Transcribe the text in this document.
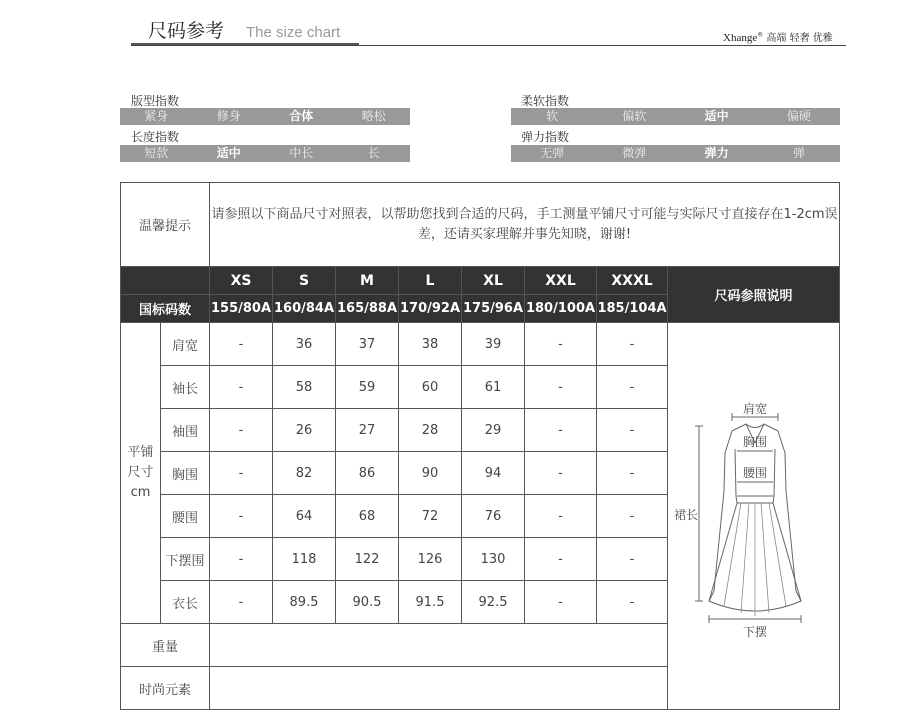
尺码参考 The size chart	Xhange® 高端 轻奢 优雅
版型指数
紧身	修身	合体	略松
长度指数
短款	适中	中长	长
柔软指数
软	偏软	适中	偏硬
弹力指数
无弹	微弹	弹力	弹
温馨提示		请参照以下商品尺寸对照表，以帮助您找到合适的尺码，手工测量平铺尺寸可能与实际尺寸直接存在1-2cm误差，还请买家理解并事先知晓，谢谢!							
		XS	S	M	L	XL	XXL	XXXL	尺码参照说明
国标码数		155/80A	160/84A	165/88A	170/92A	175/96A	180/100A	185/104A	
平铺尺寸cm	肩宽	-	36	37	38	39	-	-	肩宽
胸围
腰围
裙长
下摆

	袖长	-	58	59	60	61	-	-	
	袖围	-	26	27	28	29	-	-	
	胸围	-	82	86	90	94	-	-	
	腰围	-	64	68	72	76	-	-	
	下摆围	-	118	122	126	130	-	-	
	衣长	-	89.5	90.5	91.5	92.5	-	-	
重量									
时尚元素									
